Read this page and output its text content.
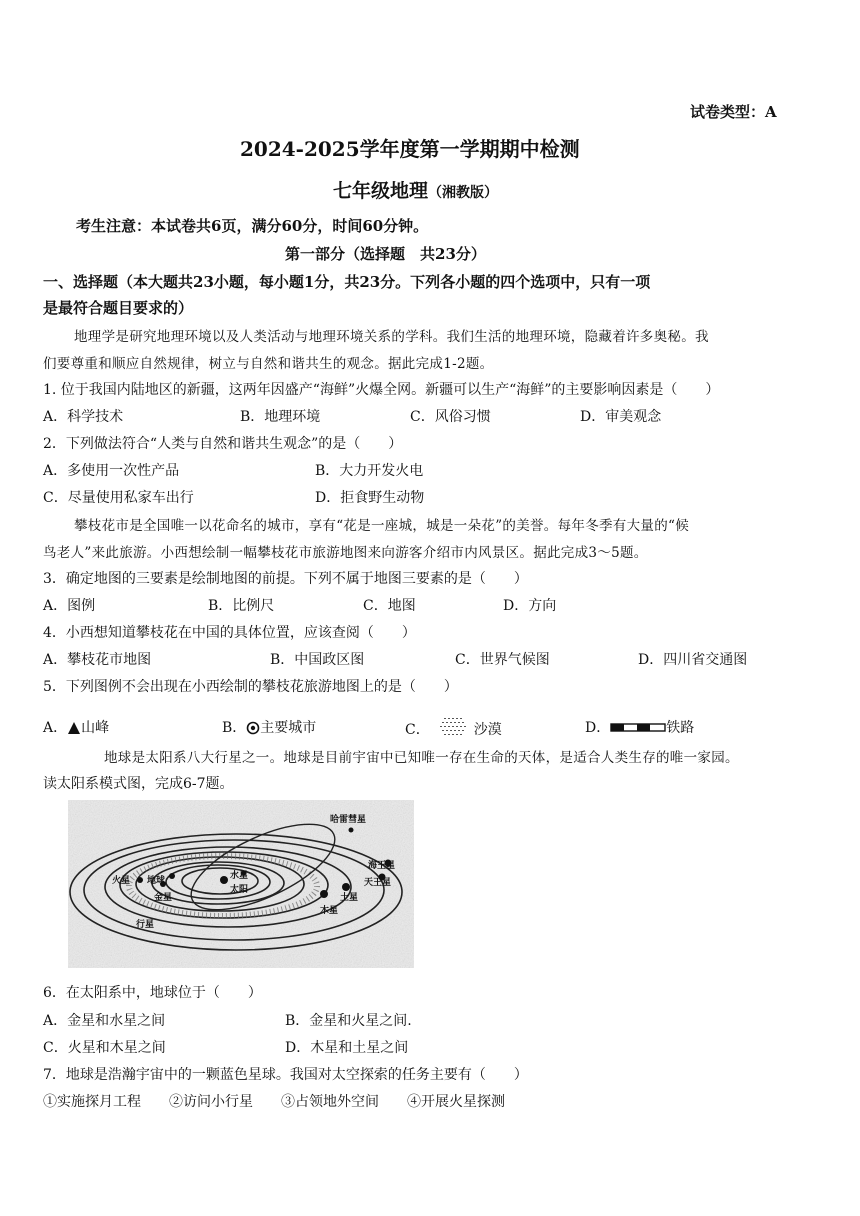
试卷类型：A
2024-2025学年度第一学期期中检测
七年级地理（湘教版）
考生注意：本试卷共6页，满分60分，时间60分钟。
第一部分（选择题　共23分）
一、选择题（本大题共23小题，每小题1分，共23分。下列各小题的四个选项中，只有一项
是最符合题目要求的）
地理学是研究地理环境以及人类活动与地理环境关系的学科。我们生活的地理环境，隐藏着许多奥秘。我
们要尊重和顺应自然规律，树立与自然和谐共生的观念。据此完成1-2题。
1. 位于我国内陆地区的新疆，这两年因盛产“海鲜”火爆全网。新疆可以生产“海鲜”的主要影响因素是（　　）
A．科学技术	B．地理环境	C．风俗习惯	D．审美观念
2．下列做法符合“人类与自然和谐共生观念”的是（　　）
A．多使用一次性产品	B．大力开发火电
C．尽量使用私家车出行	D．拒食野生动物
攀枝花市是全国唯一以花命名的城市，享有“花是一座城，城是一朵花”的美誉。每年冬季有大量的“候
鸟老人”来此旅游。小西想绘制一幅攀枝花市旅游地图来向游客介绍市内风景区。据此完成3～5题。
3．确定地图的三要素是绘制地图的前提。下列不属于地图三要素的是（　　）
A．图例	B．比例尺	C．地图	D．方向
4．小西想知道攀枝花在中国的具体位置，应该查阅（　　）
A．攀枝花市地图	B．中国政区图	C．世界气候图	D．四川省交通图
5．下列图例不会出现在小西绘制的攀枝花旅游地图上的是（　　）
A． 山峰	B． 主要城市	C．	沙漠	D．	铁路
地球是太阳系八大行星之一。地球是目前宇宙中已知唯一存在生命的天体，是适合人类生存的唯一家园。
读太阳系模式图，完成6-7题。
哈雷彗星
海王星
天王星
土星
木星
火星 地球
金星
水星
太阳
行星
6．在太阳系中，地球位于（　　）
A．金星和水星之间	B．金星和火星之间.
C．火星和木星之间	D．木星和土星之间
7．地球是浩瀚宇宙中的一颗蓝色星球。我国对太空探索的任务主要有（　　）
①实施探月工程　　②访问小行星　　③占领地外空间　　④开展火星探测
